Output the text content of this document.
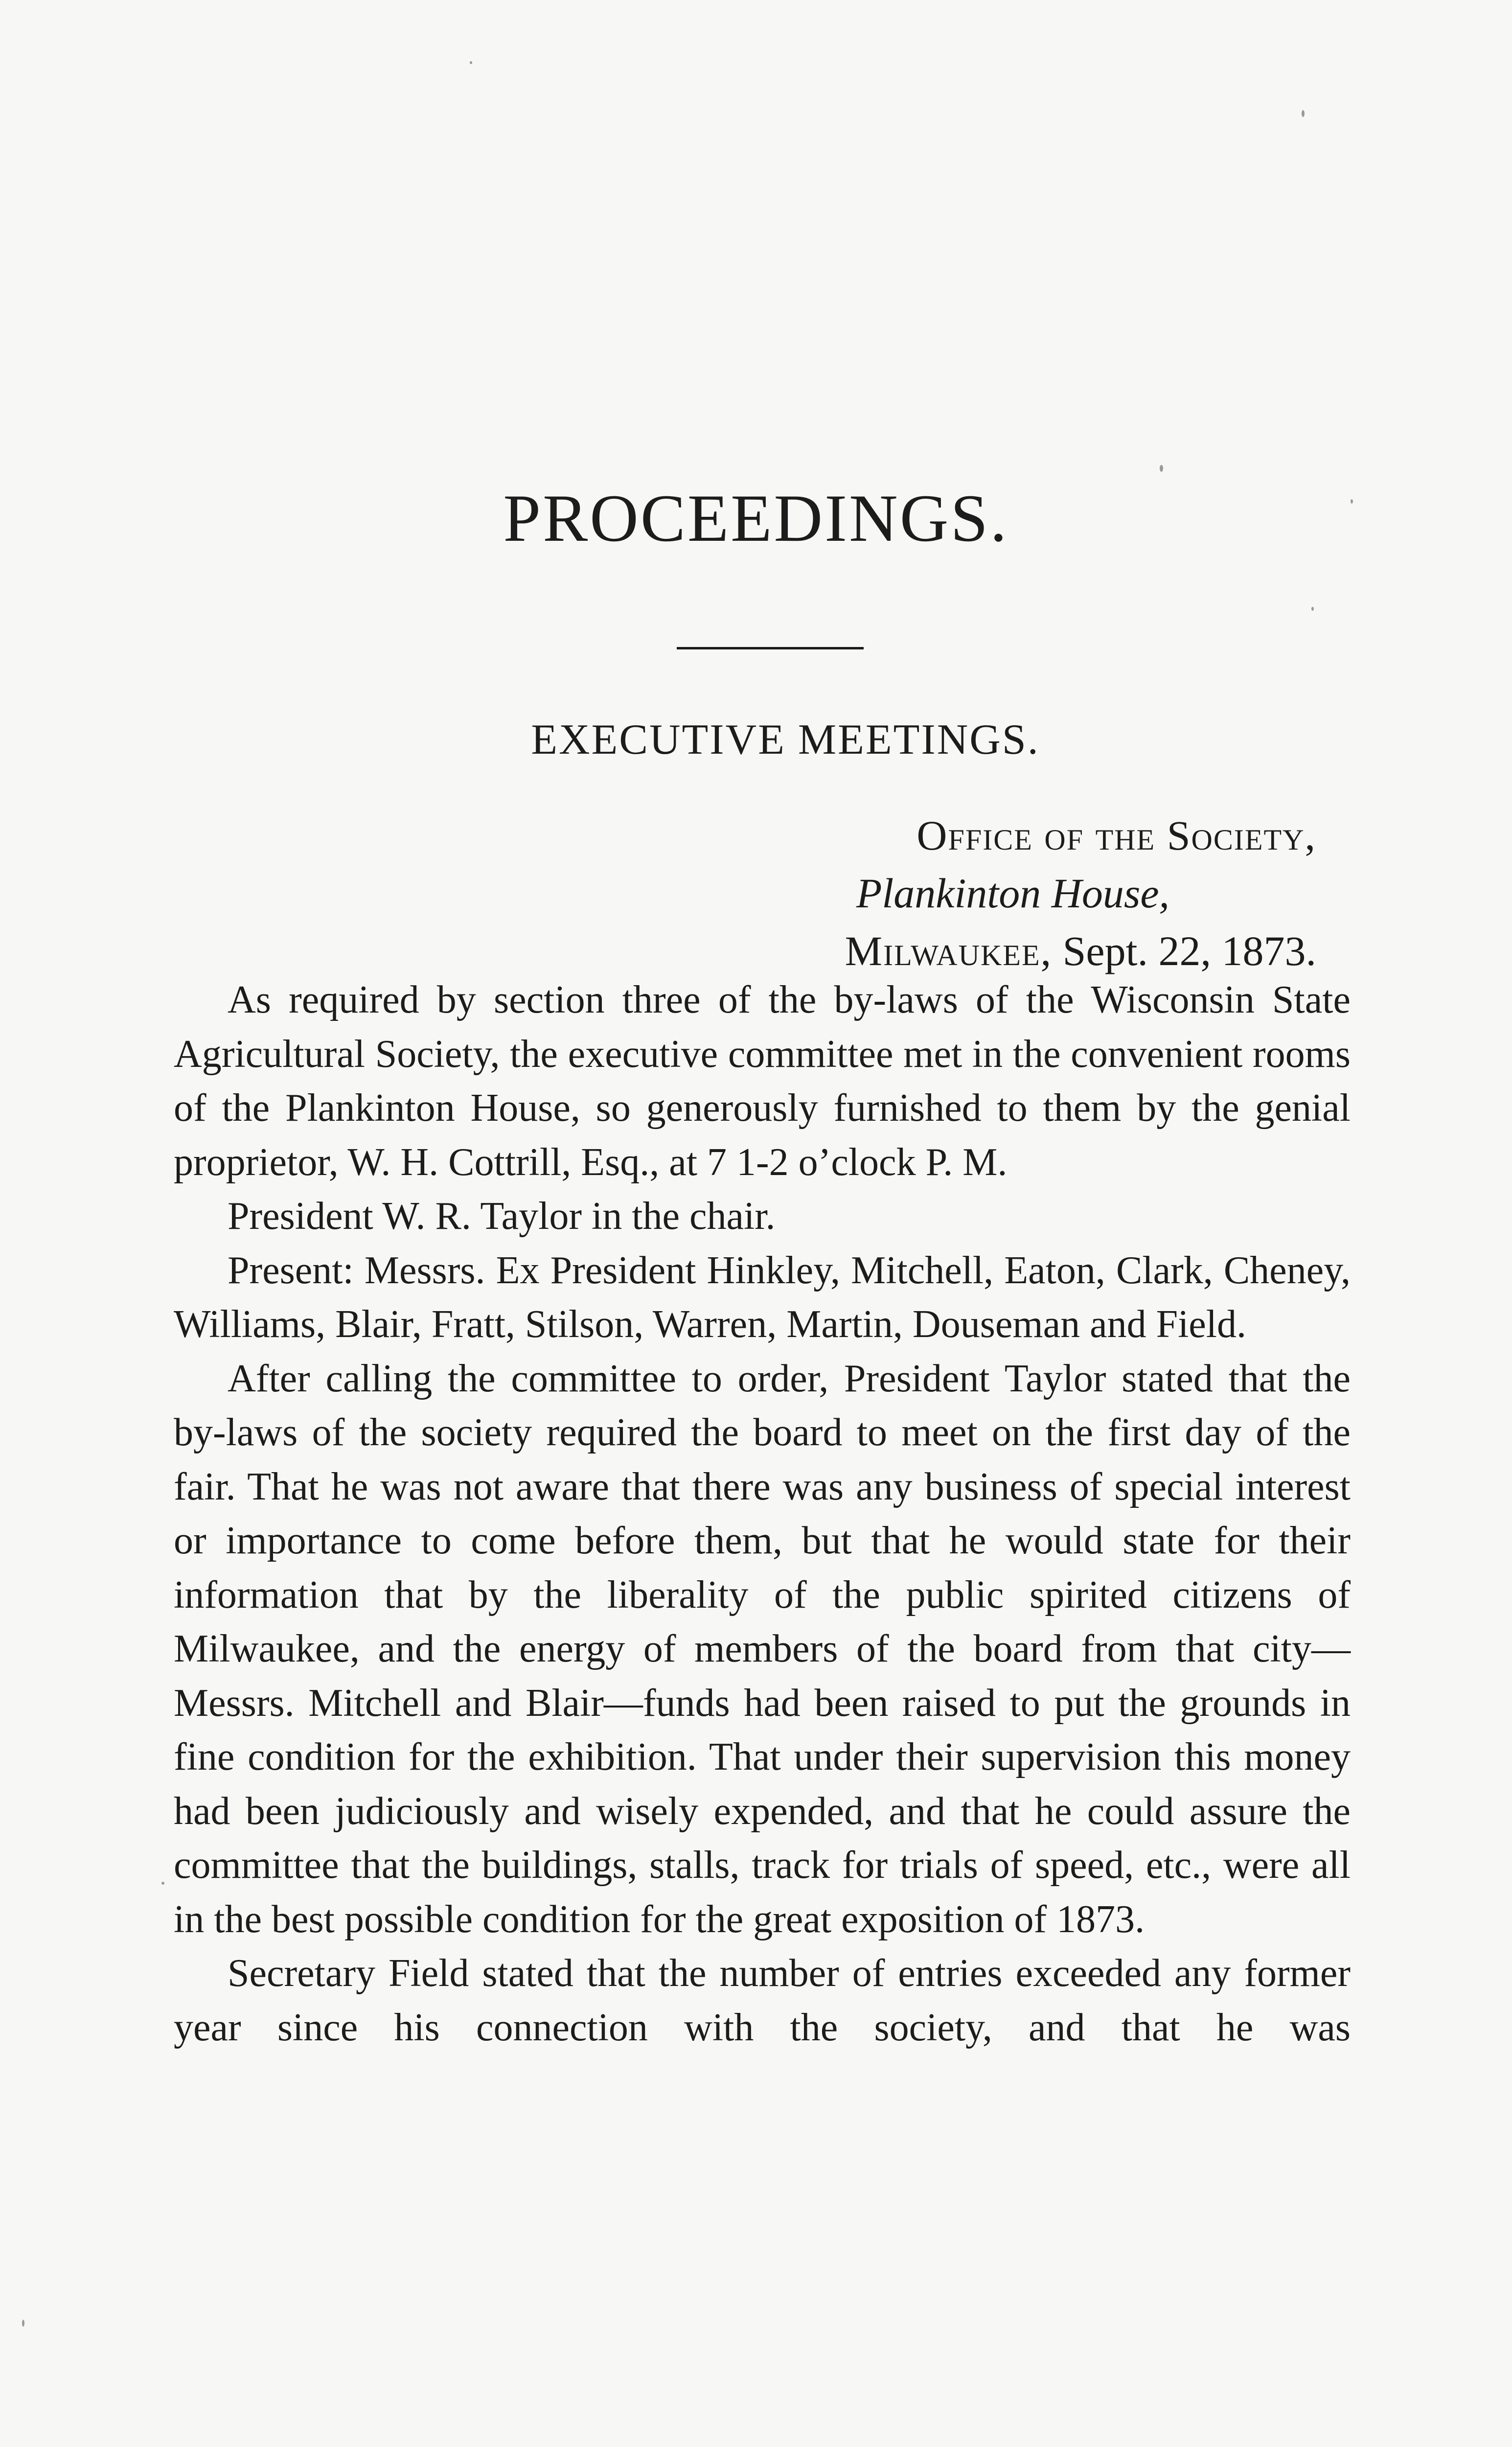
PROCEEDINGS.
EXECUTIVE MEETINGS.
Office of the Society,
Plankinton House,
Milwaukee, Sept. 22, 1873.

As required by section three of the by-laws of the Wisconsin State Agricultural Society, the executive committee met in the convenient rooms of the Plankinton House, so generously furnished to them by the genial proprietor, W. H. Cottrill, Esq., at 7 1-2 o’clock P. M.

President W. R. Taylor in the chair.

Present: Messrs. Ex President Hinkley, Mitchell, Eaton, Clark, Cheney, Williams, Blair, Fratt, Stilson, Warren, Martin, Douseman and Field.

After calling the committee to order, President Taylor stated that the by-laws of the society required the board to meet on the first day of the fair. That he was not aware that there was any business of special interest or importance to come before them, but that he would state for their information that by the liberality of the public spirited citizens of Milwaukee, and the energy of members of the board from that city—Messrs. Mitchell and Blair—funds had been raised to put the grounds in fine condition for the exhibition. That under their supervision this money had been judiciously and wisely expended, and that he could assure the committee that the buildings, stalls, track for trials of speed, etc., were all in the best possible condition for the great exposition of 1873.

Secretary Field stated that the number of entries exceeded any former year since his connection with the society, and that he was
